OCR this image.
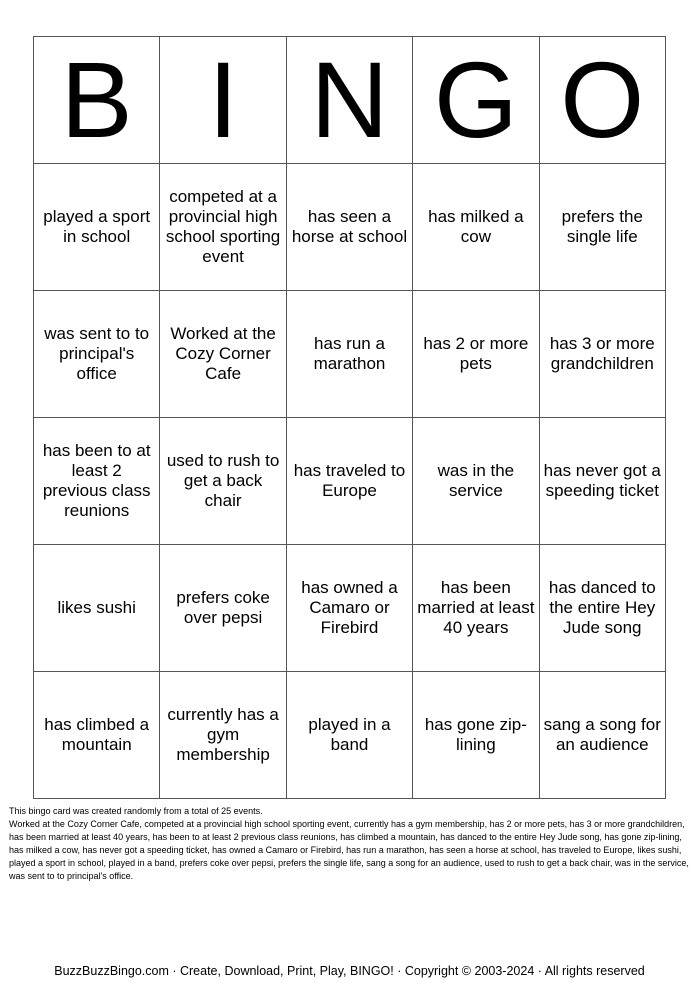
B	I	N	G	O
played a sport in school	competed at a provincial high school sporting event	has seen a horse at school	has milked a cow	prefers the single life
was sent to to principal's office	Worked at the Cozy Corner Cafe	has run a marathon	has 2 or more pets	has 3 or more grandchildren
has been to at least 2 previous class reunions	used to rush to get a back chair	has traveled to Europe	was in the service	has never got a speeding ticket
likes sushi	prefers coke over pepsi	has owned a Camaro or Firebird	has been married at least 40 years	has danced to the entire Hey Jude song
has climbed a mountain	currently has a gym membership	played in a band	has gone zip-lining	sang a song for an audience
This bingo card was created randomly from a total of 25 events.
Worked at the Cozy Corner Cafe, competed at a provincial high school sporting event, currently has a gym membership, has 2 or more pets, has 3 or more grandchildren, has been married at least 40 years, has been to at least 2 previous class reunions, has climbed a mountain, has danced to the entire Hey Jude song, has gone zip-lining, has milked a cow, has never got a speeding ticket, has owned a Camaro or Firebird, has run a marathon, has seen a horse at school, has traveled to Europe, likes sushi, played a sport in school, played in a band, prefers coke over pepsi, prefers the single life, sang a song for an audience, used to rush to get a back chair, was in the service, was sent to to principal's office.
BuzzBuzzBingo.com · Create, Download, Print, Play, BINGO! · Copyright © 2003-2024 · All rights reserved
